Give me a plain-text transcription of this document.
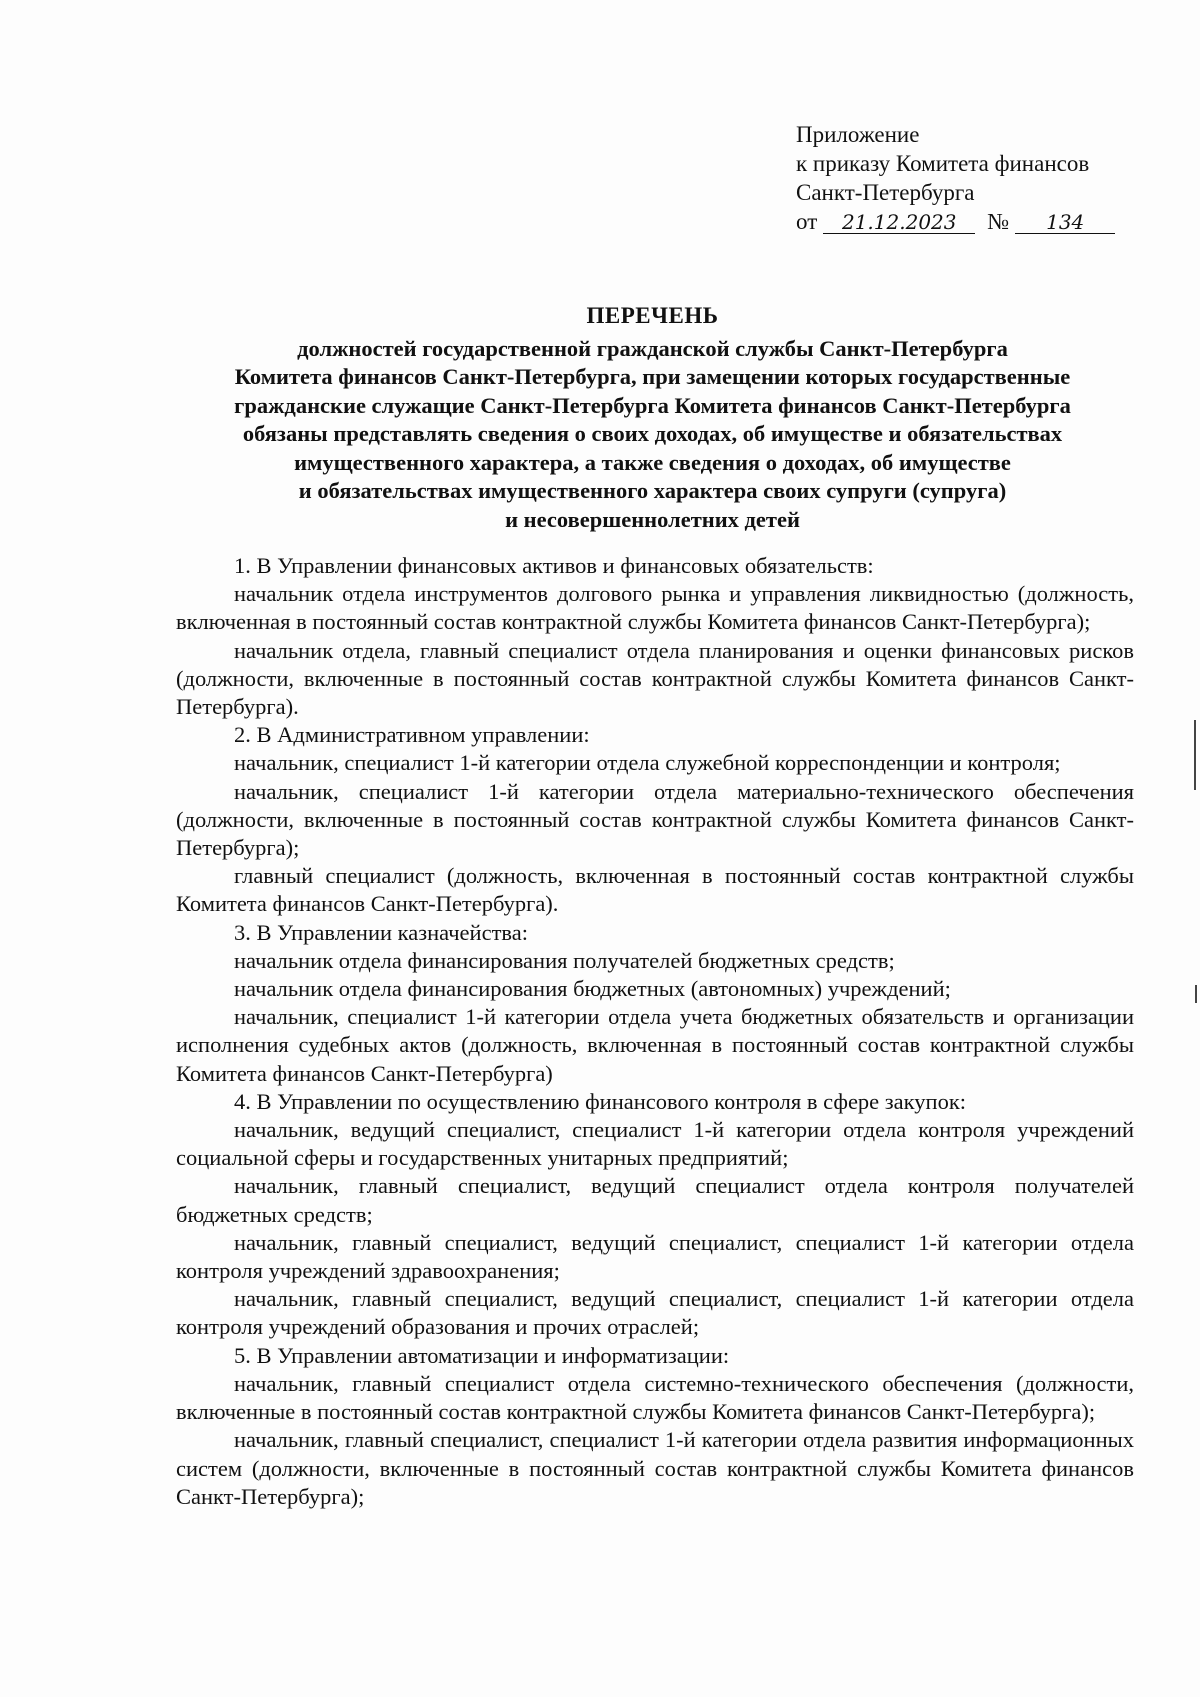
Приложение
к приказу Комитета финансов
Санкт-Петербурга
от 21.12.2023 № 134
ПЕРЕЧЕНЬ
должностей государственной гражданской службы Санкт-Петербурга
Комитета финансов Санкт-Петербурга, при замещении которых государственные
гражданские служащие Санкт-Петербурга Комитета финансов Санкт-Петербурга
обязаны представлять сведения о своих доходах, об имуществе и обязательствах
имущественного характера, а также сведения о доходах, об имуществе
и обязательствах имущественного характера своих супруги (супруга)
и несовершеннолетних детей

1. В Управлении финансовых активов и финансовых обязательств:

начальник отдела инструментов долгового рынка и управления ликвидностью (должность, включенная в постоянный состав контрактной службы Комитета финансов Санкт-Петербурга);

начальник отдела, главный специалист отдела планирования и оценки финансовых рисков (должности, включенные в постоянный состав контрактной службы Комитета финансов Санкт-Петербурга).

2. В Административном управлении:

начальник, специалист 1-й категории отдела служебной корреспонденции и контроля;

начальник, специалист 1-й категории отдела материально-технического обеспечения (должности, включенные в постоянный состав контрактной службы Комитета финансов Санкт-Петербурга);

главный специалист (должность, включенная в постоянный состав контрактной службы Комитета финансов Санкт-Петербурга).

3. В Управлении казначейства:

начальник отдела финансирования получателей бюджетных средств;

начальник отдела финансирования бюджетных (автономных) учреждений;

начальник, специалист 1-й категории отдела учета бюджетных обязательств и организации исполнения судебных актов (должность, включенная в постоянный состав контрактной службы Комитета финансов Санкт-Петербурга)

4. В Управлении по осуществлению финансового контроля в сфере закупок:

начальник, ведущий специалист, специалист 1-й категории отдела контроля учреждений социальной сферы и государственных унитарных предприятий;

начальник, главный специалист, ведущий специалист отдела контроля получателей бюджетных средств;

начальник, главный специалист, ведущий специалист, специалист 1-й категории отдела контроля учреждений здравоохранения;

начальник, главный специалист, ведущий специалист, специалист 1-й категории отдела контроля учреждений образования и прочих отраслей;

5. В Управлении автоматизации и информатизации:

начальник, главный специалист отдела системно-технического обеспечения (должности, включенные в постоянный состав контрактной службы Комитета финансов Санкт-Петербурга);

начальник, главный специалист, специалист 1-й категории отдела развития информационных систем (должности, включенные в постоянный состав контрактной службы Комитета финансов Санкт-Петербурга);
